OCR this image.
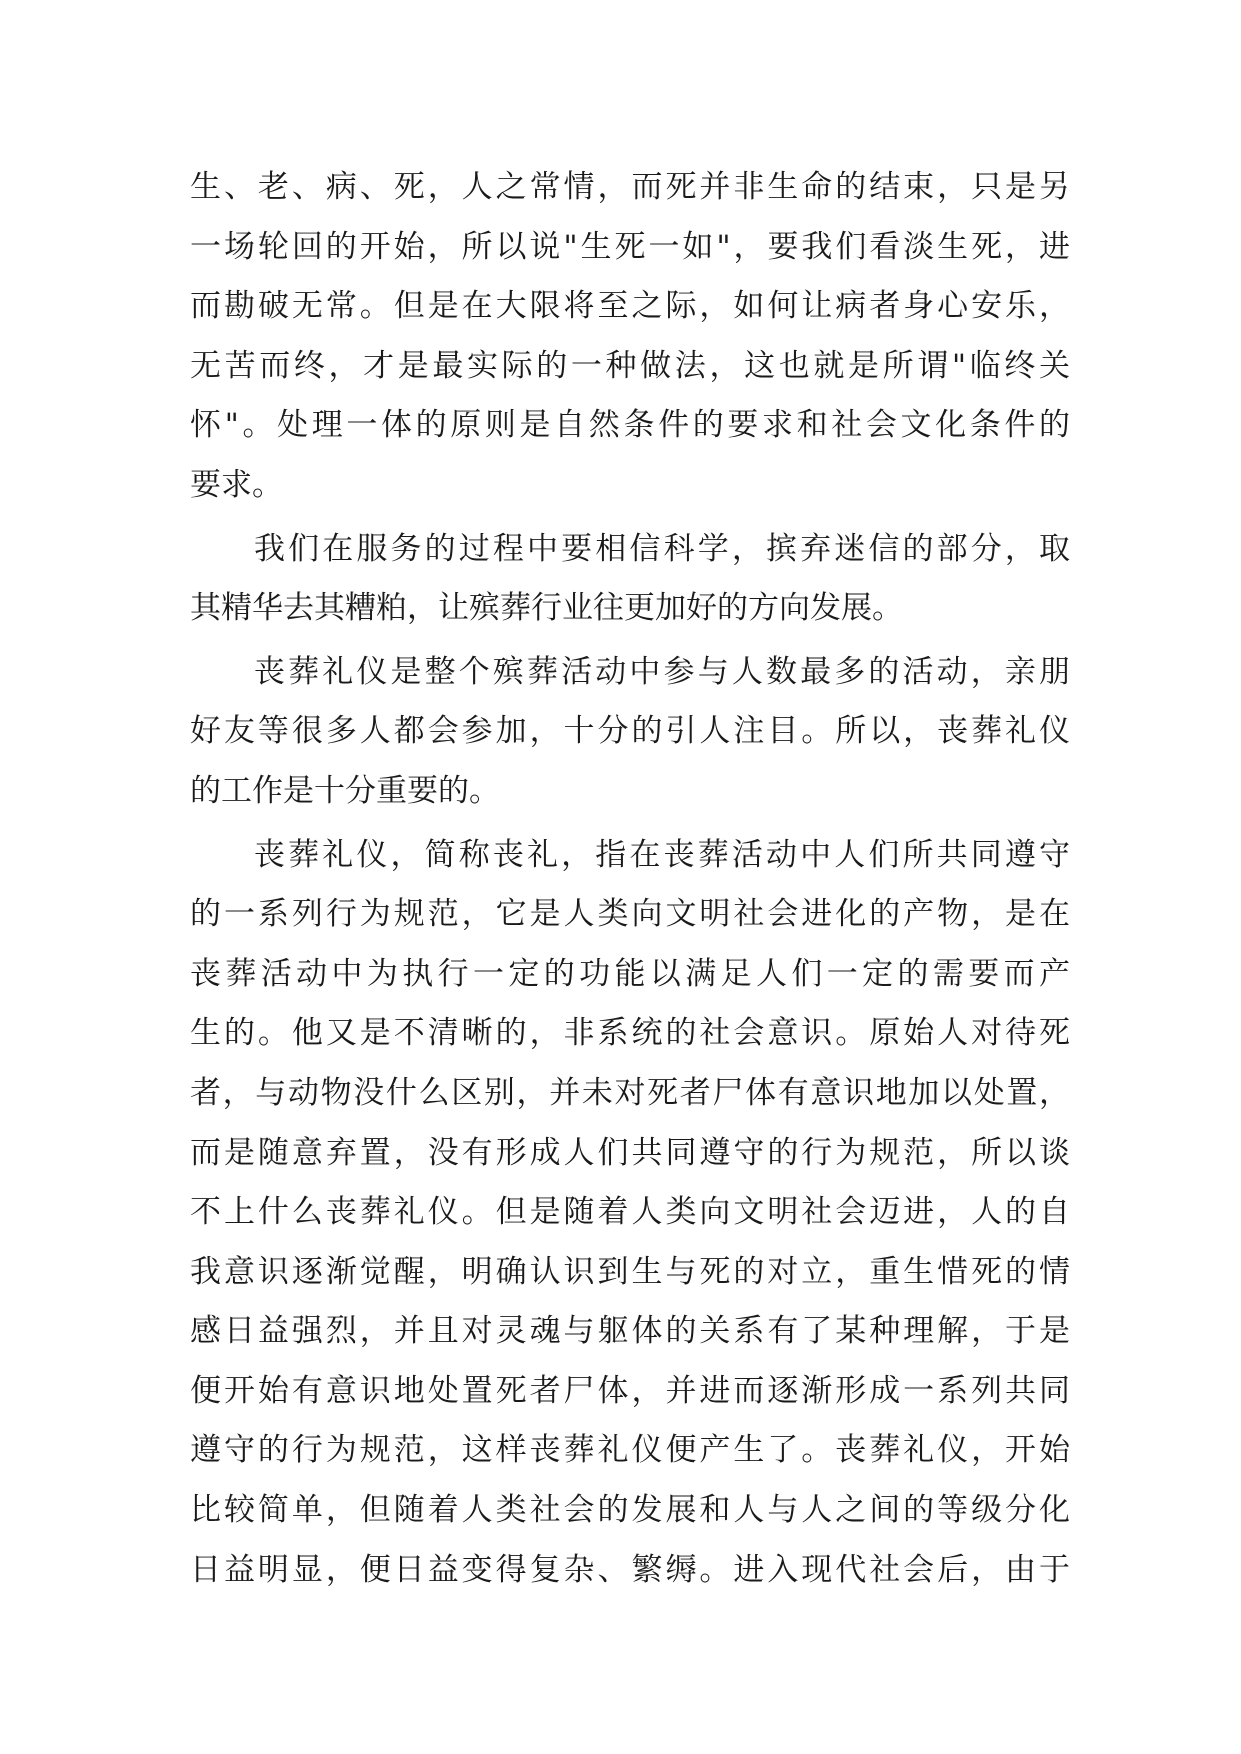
生、老、病、死，人之常情，而死并非生命的结束，只是另
一场轮回的开始，所以说"生死一如"，要我们看淡生死，进
而勘破无常。但是在大限将至之际，如何让病者身心安乐，
无苦而终，才是最实际的一种做法，这也就是所谓"临终关
怀"。处理一体的原则是自然条件的要求和社会文化条件的
要求。
我们在服务的过程中要相信科学，摈弃迷信的部分，取
其精华去其糟粕，让殡葬行业往更加好的方向发展。
丧葬礼仪是整个殡葬活动中参与人数最多的活动，亲朋
好友等很多人都会参加，十分的引人注目。所以，丧葬礼仪
的工作是十分重要的。
丧葬礼仪，简称丧礼，指在丧葬活动中人们所共同遵守
的一系列行为规范，它是人类向文明社会进化的产物，是在
丧葬活动中为执行一定的功能以满足人们一定的需要而产
生的。他又是不清晰的，非系统的社会意识。原始人对待死
者，与动物没什么区别，并未对死者尸体有意识地加以处置，
而是随意弃置，没有形成人们共同遵守的行为规范，所以谈
不上什么丧葬礼仪。但是随着人类向文明社会迈进，人的自
我意识逐渐觉醒，明确认识到生与死的对立，重生惜死的情
感日益强烈，并且对灵魂与躯体的关系有了某种理解，于是
便开始有意识地处置死者尸体，并进而逐渐形成一系列共同
遵守的行为规范，这样丧葬礼仪便产生了。丧葬礼仪，开始
比较简单，但随着人类社会的发展和人与人之间的等级分化
日益明显，便日益变得复杂、繁缛。进入现代社会后，由于
